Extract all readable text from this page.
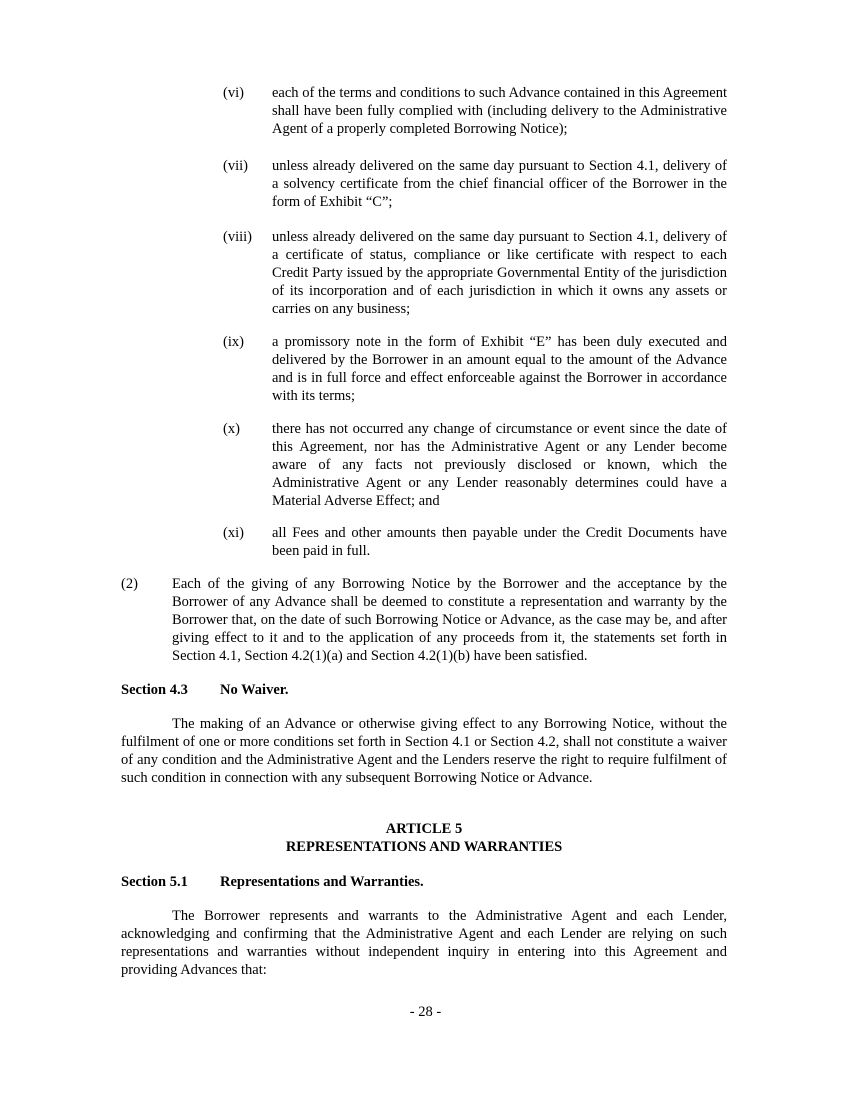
(vi) each of the terms and conditions to such Advance contained in this Agreement shall have been fully complied with (including delivery to the Administrative Agent of a properly completed Borrowing Notice);
(vii) unless already delivered on the same day pursuant to Section 4.1, delivery of a solvency certificate from the chief financial officer of the Borrower in the form of Exhibit “C”;
(viii) unless already delivered on the same day pursuant to Section 4.1, delivery of a certificate of status, compliance or like certificate with respect to each Credit Party issued by the appropriate Governmental Entity of the jurisdiction of its incorporation and of each jurisdiction in which it owns any assets or carries on any business;
(ix) a promissory note in the form of Exhibit “E” has been duly executed and delivered by the Borrower in an amount equal to the amount of the Advance and is in full force and effect enforceable against the Borrower in accordance with its terms;
(x) there has not occurred any change of circumstance or event since the date of this Agreement, nor has the Administrative Agent or any Lender become aware of any facts not previously disclosed or known, which the Administrative Agent or any Lender reasonably determines could have a Material Adverse Effect; and
(xi) all Fees and other amounts then payable under the Credit Documents have been paid in full.
(2) Each of the giving of any Borrowing Notice by the Borrower and the acceptance by the Borrower of any Advance shall be deemed to constitute a representation and warranty by the Borrower that, on the date of such Borrowing Notice or Advance, as the case may be, and after giving effect to it and to the application of any proceeds from it, the statements set forth in Section 4.1, Section 4.2(1)(a) and Section 4.2(1)(b) have been satisfied.
Section 4.3 No Waiver.
The making of an Advance or otherwise giving effect to any Borrowing Notice, without the fulfilment of one or more conditions set forth in Section 4.1 or Section 4.2, shall not constitute a waiver of any condition and the Administrative Agent and the Lenders reserve the right to require fulfilment of such condition in connection with any subsequent Borrowing Notice or Advance.
ARTICLE 5
REPRESENTATIONS AND WARRANTIES
Section 5.1 Representations and Warranties.
The Borrower represents and warrants to the Administrative Agent and each Lender, acknowledging and confirming that the Administrative Agent and each Lender are relying on such representations and warranties without independent inquiry in entering into this Agreement and providing Advances that:
- 28 -
